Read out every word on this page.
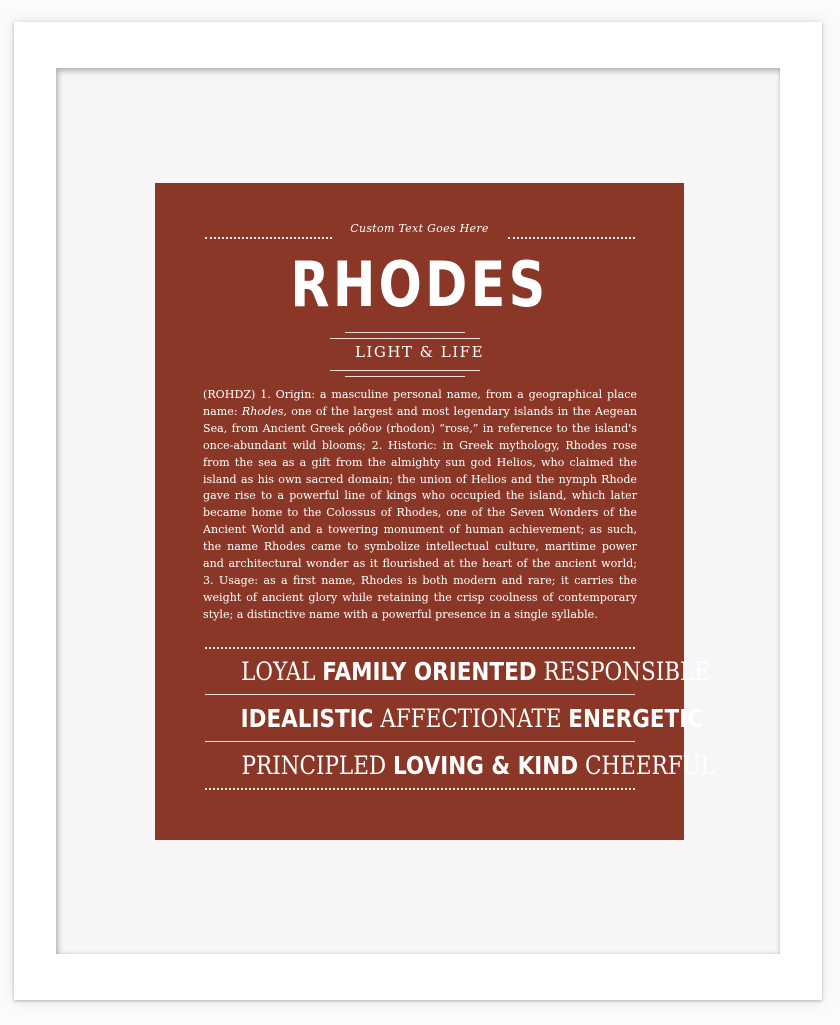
Custom Text Goes Here
RHODES
LIGHT & LIFE
(ROHDZ) 1. Origin: a masculine personal name, from a geographical place name: Rhodes, one of the largest and most legendary islands in the Aegean Sea, from Ancient Greek ρόδον (rhodon) “rose,” in reference to the island's once-abundant wild blooms; 2. Historic: in Greek mythology, Rhodes rose from the sea as a gift from the almighty sun god Helios, who claimed the island as his own sacred domain; the union of Helios and the nymph Rhode gave rise to a powerful line of kings who occupied the island, which later became home to the Colossus of Rhodes, one of the Seven Wonders of the Ancient World and a towering monument of human achievement; as such, the name Rhodes came to symbolize intellectual culture, maritime power and architectural wonder as it flourished at the heart of the ancient world; 3. Usage: as a first name, Rhodes is both modern and rare; it carries the weight of ancient glory while retaining the crisp coolness of contemporary style; a distinctive name with a powerful presence in a single syllable.
LOYAL FAMILY ORIENTED RESPONSIBLE
IDEALISTIC AFFECTIONATE ENERGETIC
PRINCIPLED LOVING & KIND CHEERFUL
